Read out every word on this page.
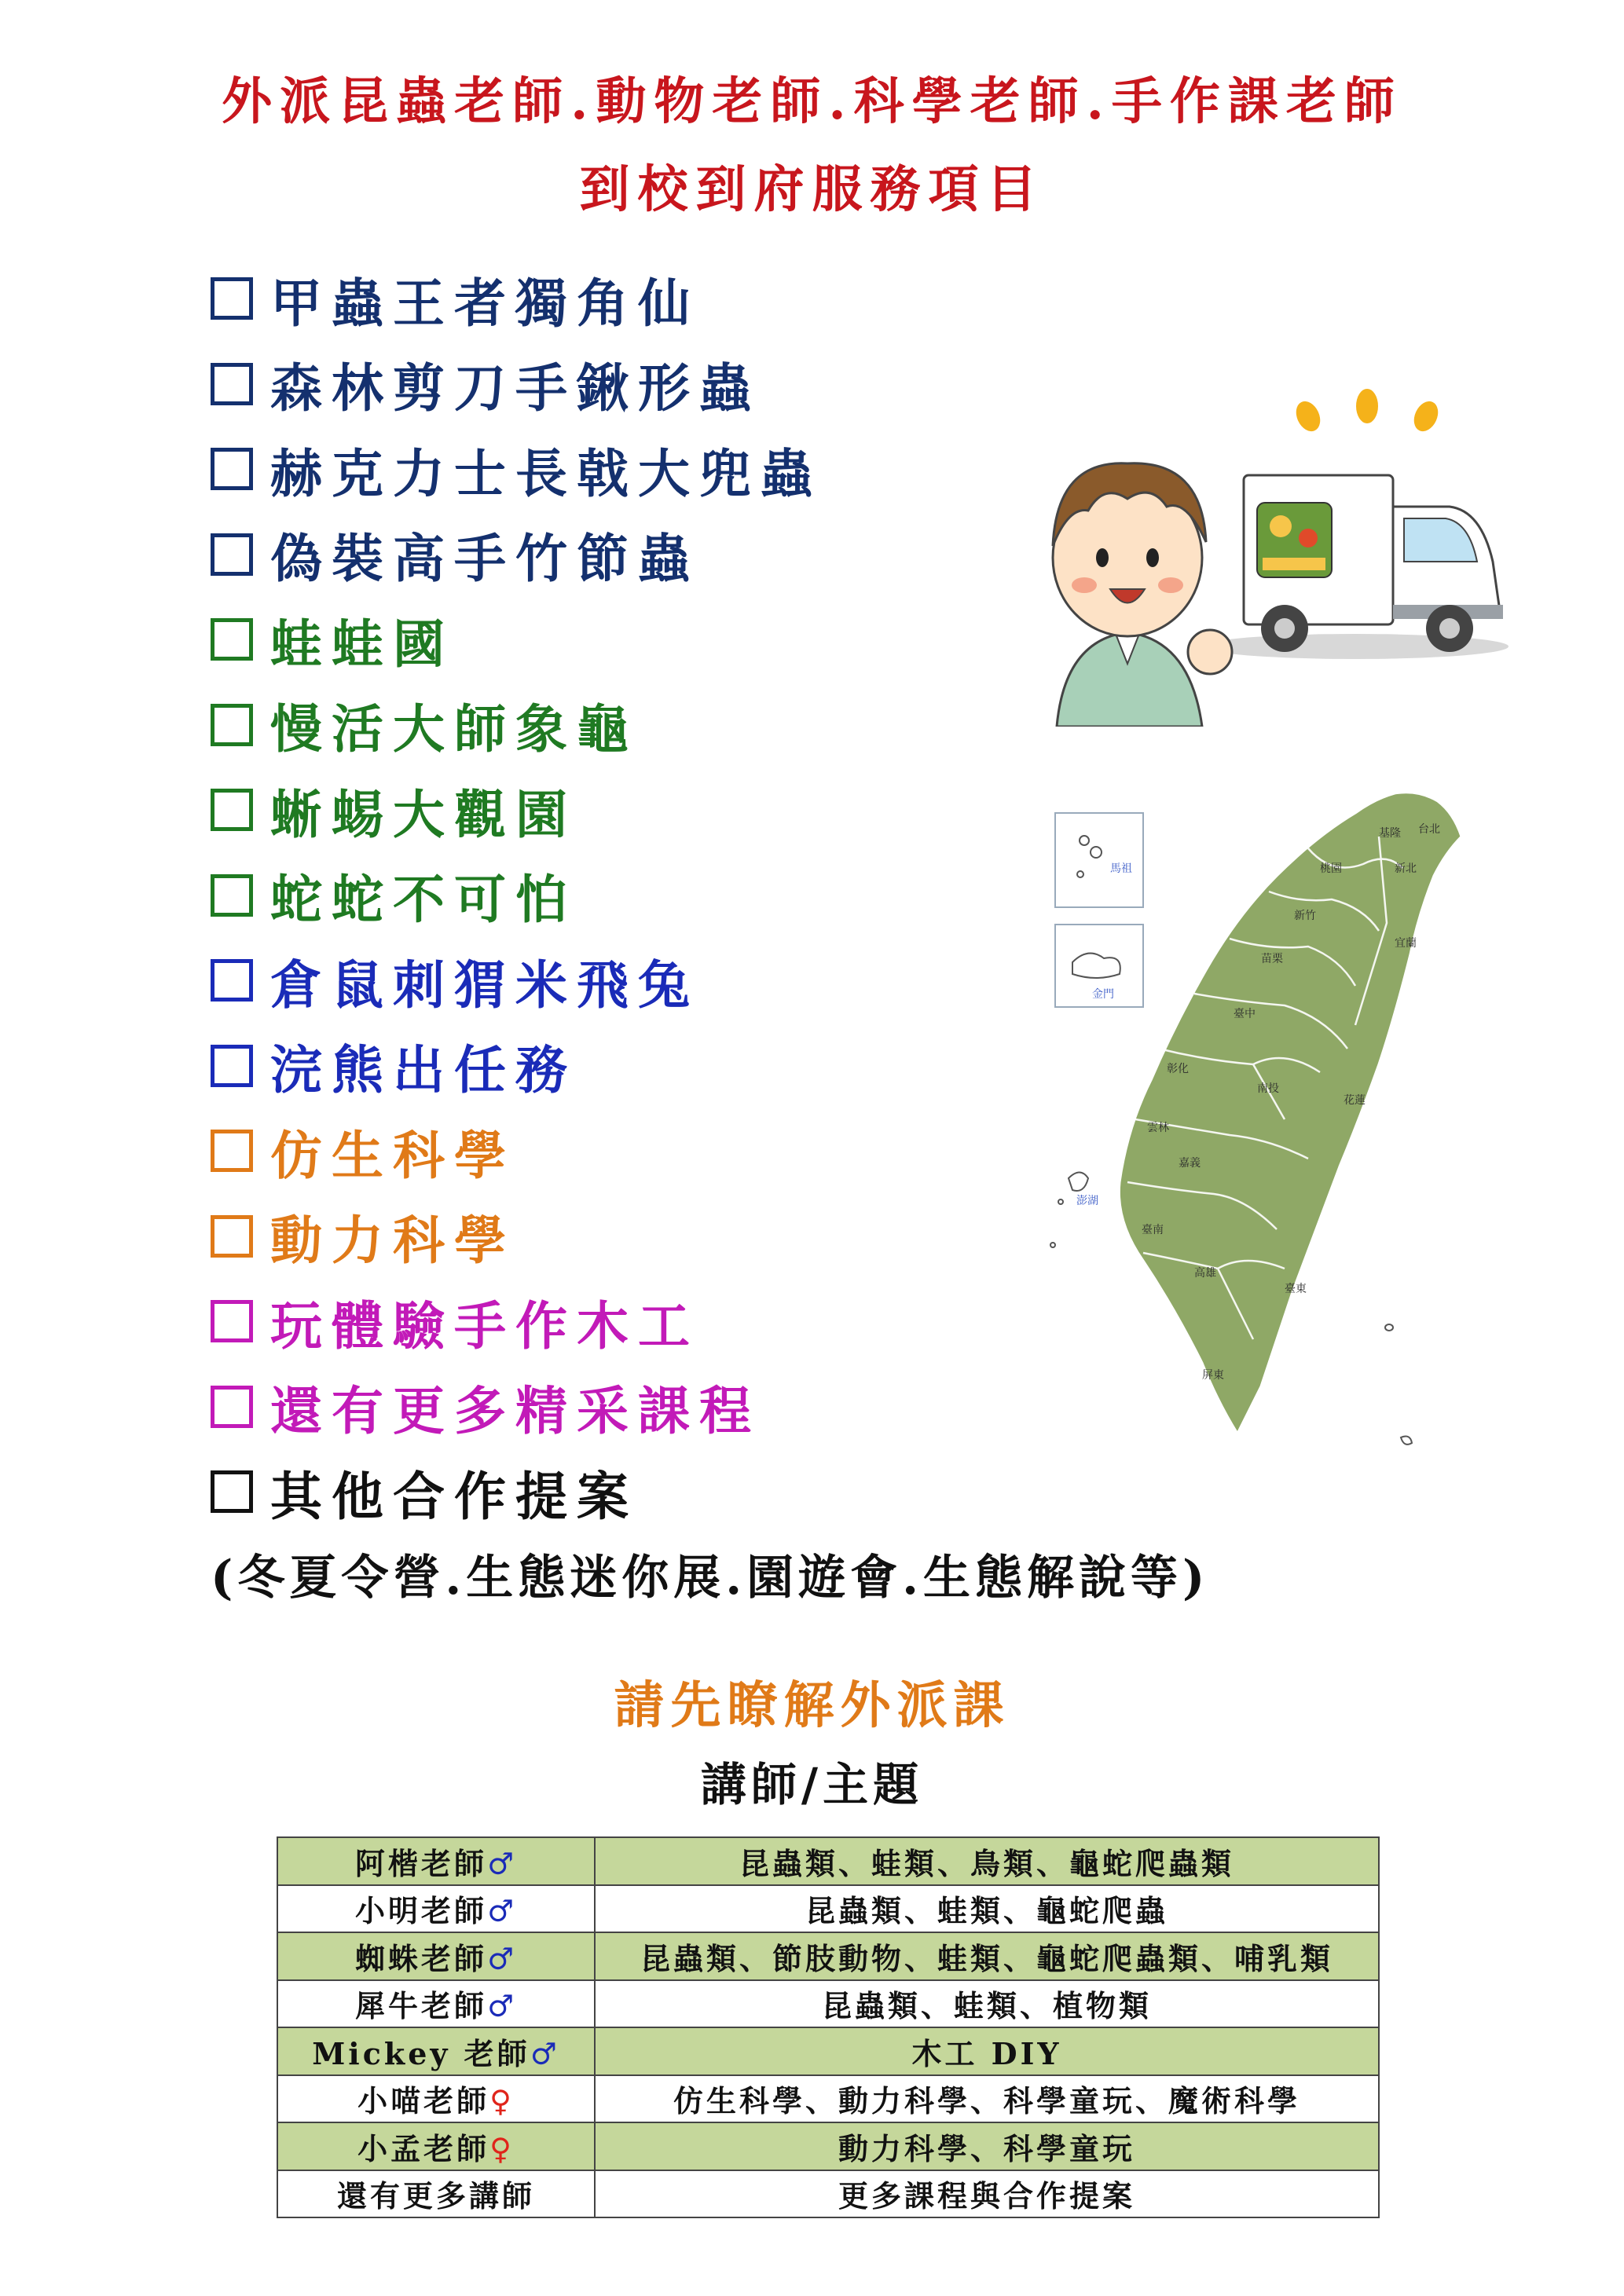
外派昆蟲老師.動物老師.科學老師.手作課老師
到校到府服務項目
甲蟲王者獨角仙
森林剪刀手鍬形蟲
赫克力士長戟大兜蟲
偽裝高手竹節蟲
蛙蛙國
慢活大師象龜
蜥蜴大觀園
蛇蛇不可怕
倉鼠刺猬米飛兔
浣熊出任務
仿生科學
動力科學
玩體驗手作木工
還有更多精采課程
其他合作提案
(冬夏令營.生態迷你展.園遊會.生態解說等)
馬祖
金門
澎湖
基隆 台北
新北
桃園
新竹
苗栗
宜蘭
臺中
彰化
南投
花蓮
雲林
嘉義
臺南
高雄
臺東
屏東
請先瞭解外派課
講師/主題
阿楷老師♂	昆蟲類、蛙類、鳥類、龜蛇爬蟲類
小明老師♂	昆蟲類、蛙類、龜蛇爬蟲
蜘蛛老師♂	昆蟲類、節肢動物、蛙類、龜蛇爬蟲類、哺乳類
犀牛老師♂	昆蟲類、蛙類、植物類
Mickey 老師♂	木工 DIY
小喵老師♀	仿生科學、動力科學、科學童玩、魔術科學
小孟老師♀	動力科學、科學童玩
還有更多講師	更多課程與合作提案
